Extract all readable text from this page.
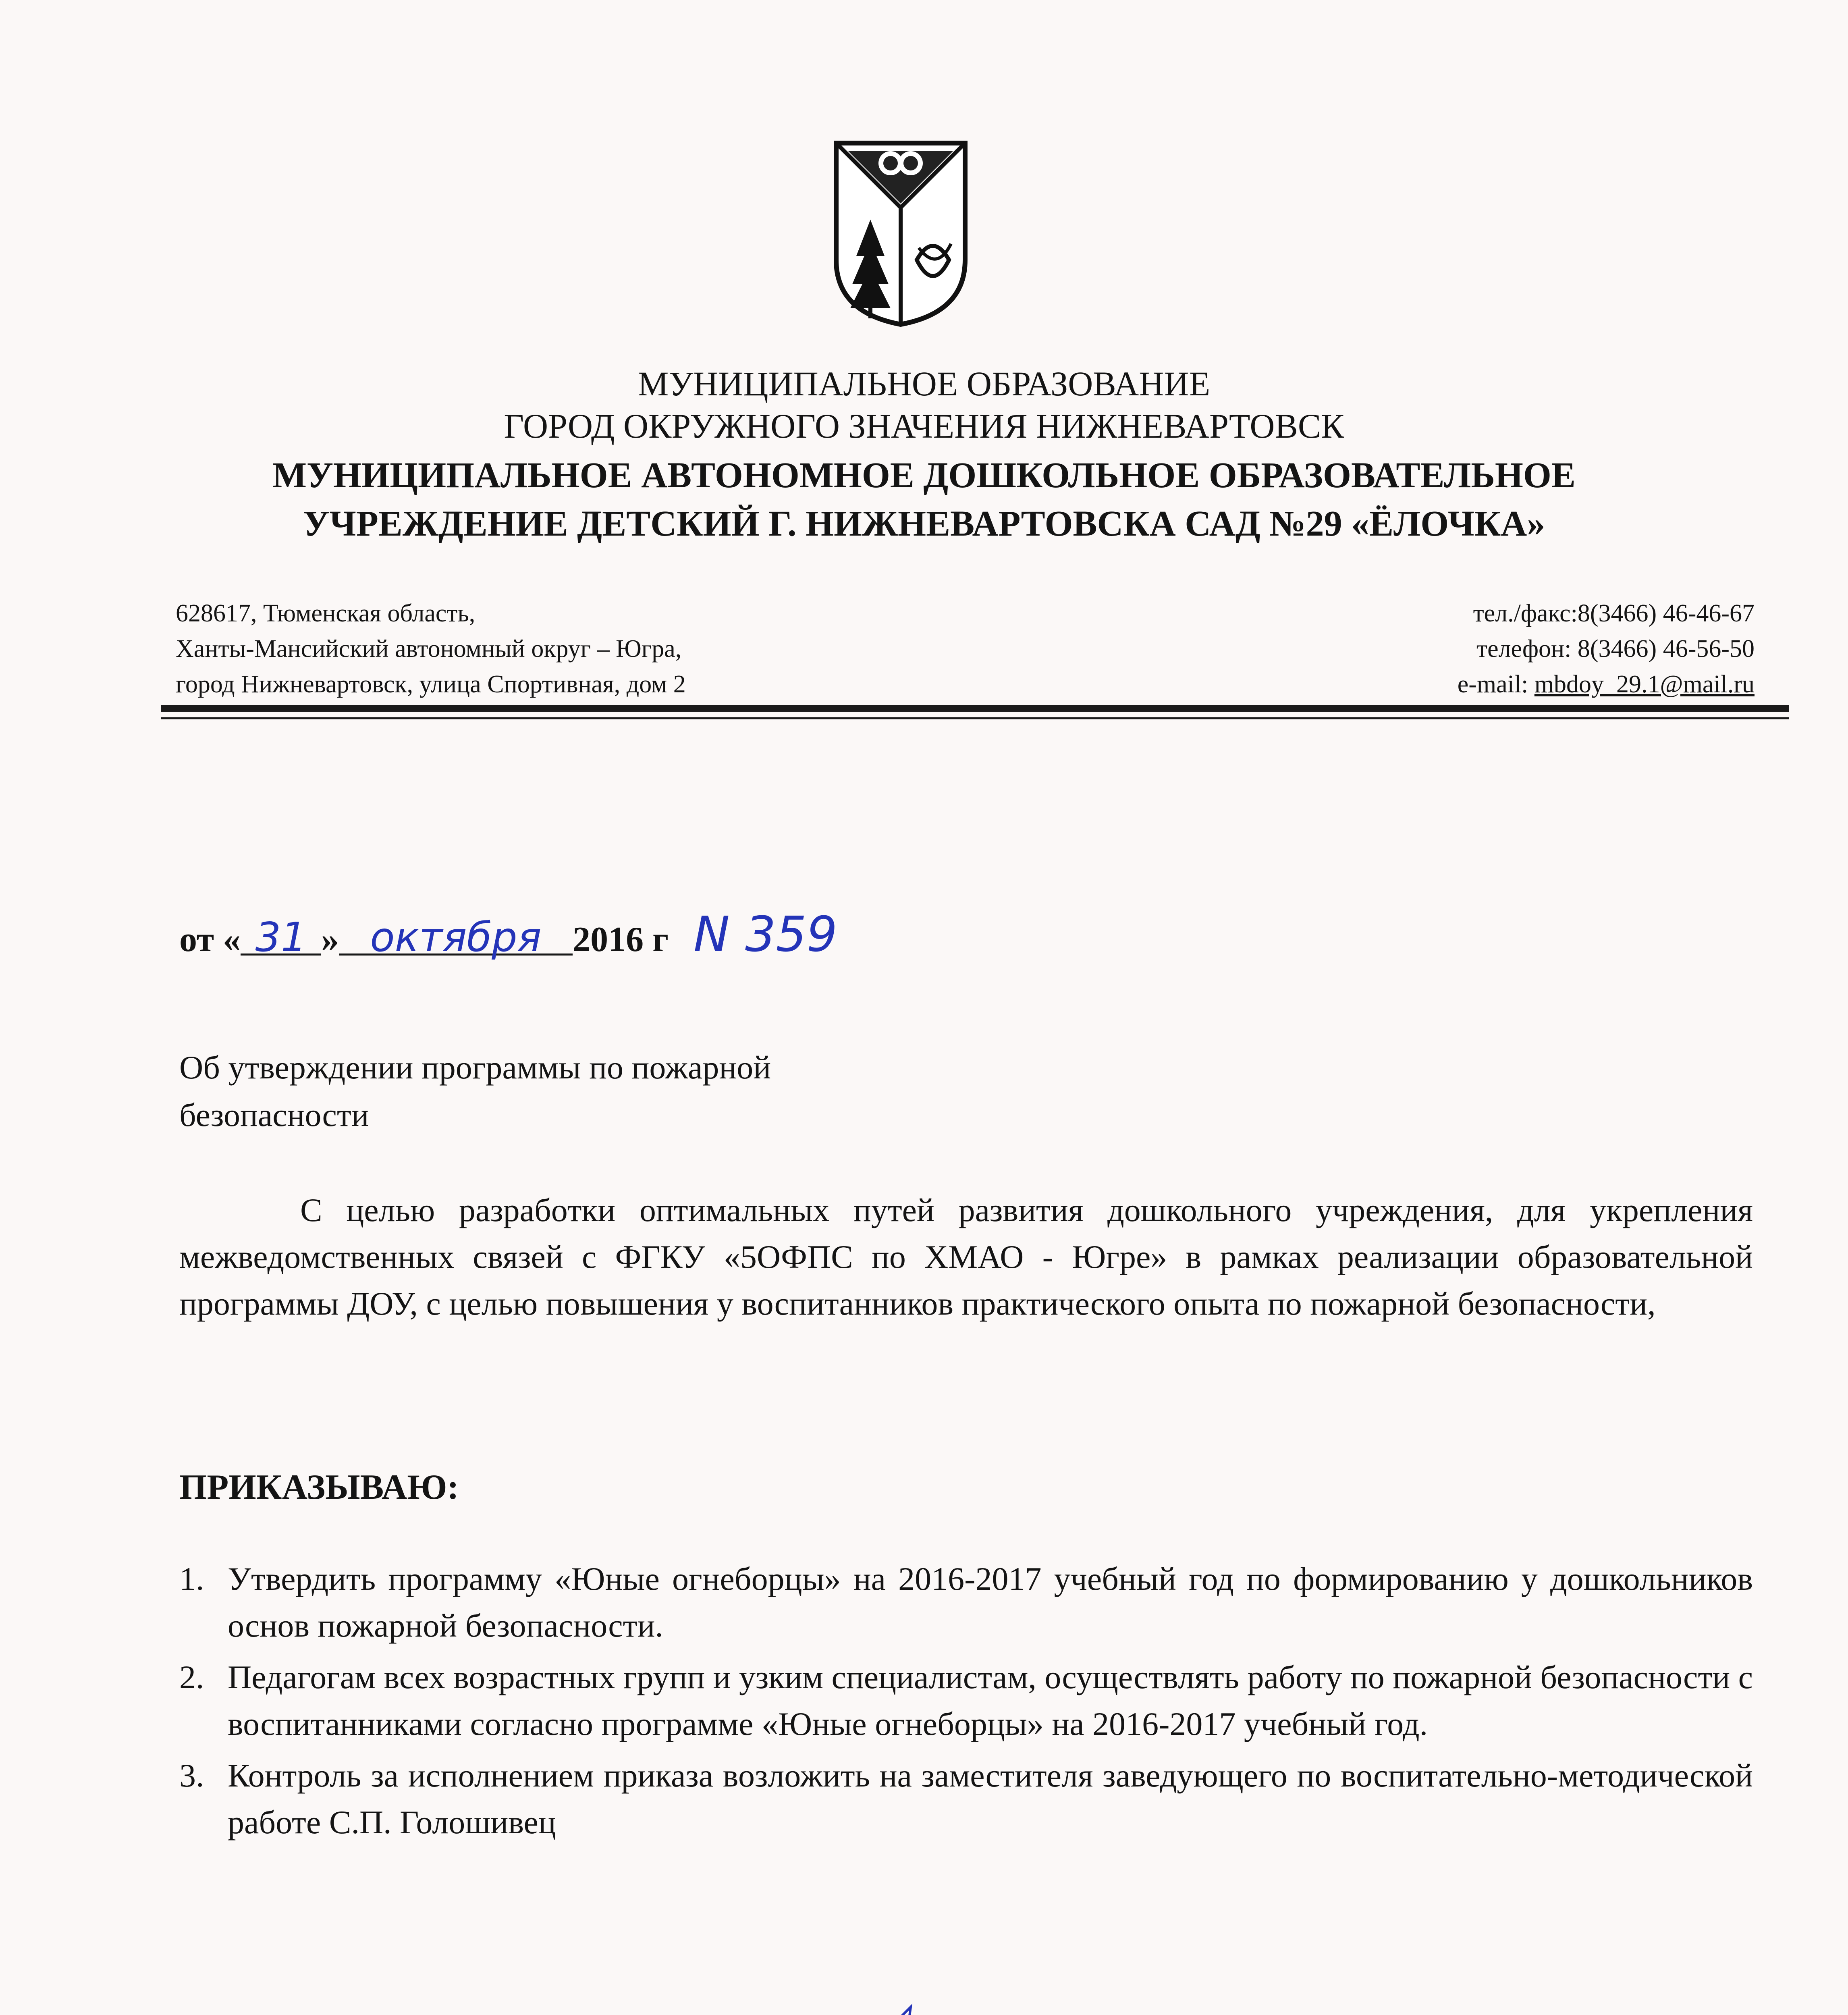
МУНИЦИПАЛЬНОЕ ОБРАЗОВАНИЕ
ГОРОД ОКРУЖНОГО ЗНАЧЕНИЯ НИЖНЕВАРТОВСК
МУНИЦИПАЛЬНОЕ АВТОНОМНОЕ ДОШКОЛЬНОЕ ОБРАЗОВАТЕЛЬНОЕ
УЧРЕЖДЕНИЕ ДЕТСКИЙ Г. НИЖНЕВАРТОВСКА САД №29 «ЁЛОЧКА»
628617, Тюменская область,
Ханты-Мансийский автономный округ – Югра,
город Нижневартовск, улица Спортивная, дом 2
тел./факс:8(3466) 46-46-67
телефон: 8(3466) 46-56-50
e-mail: mbdoy_29.1@mail.ru
от « 31 » октября 2016 г N 359
Об утверждении программы по пожарной
безопасности
С целью разработки оптимальных путей развития дошкольного учреждения, для укрепления межведомственных связей с ФГКУ «5ОФПС по ХМАО - Югре» в рамках реализации образовательной программы ДОУ, с целью повышения у воспитанников практического опыта по пожарной безопасности,
ПРИКАЗЫВАЮ:
1. Утвердить программу «Юные огнеборцы» на 2016-2017 учебный год по формированию у дошкольников основ пожарной безопасности.
2. Педагогам всех возрастных групп и узким специалистам, осуществлять работу по пожарной безопасности с воспитанниками согласно программе «Юные огнеборцы» на 2016-2017 учебный год.
3. Контроль за исполнением приказа возложить на заместителя заведующего по воспитательно-методической работе С.П. Голошивец
